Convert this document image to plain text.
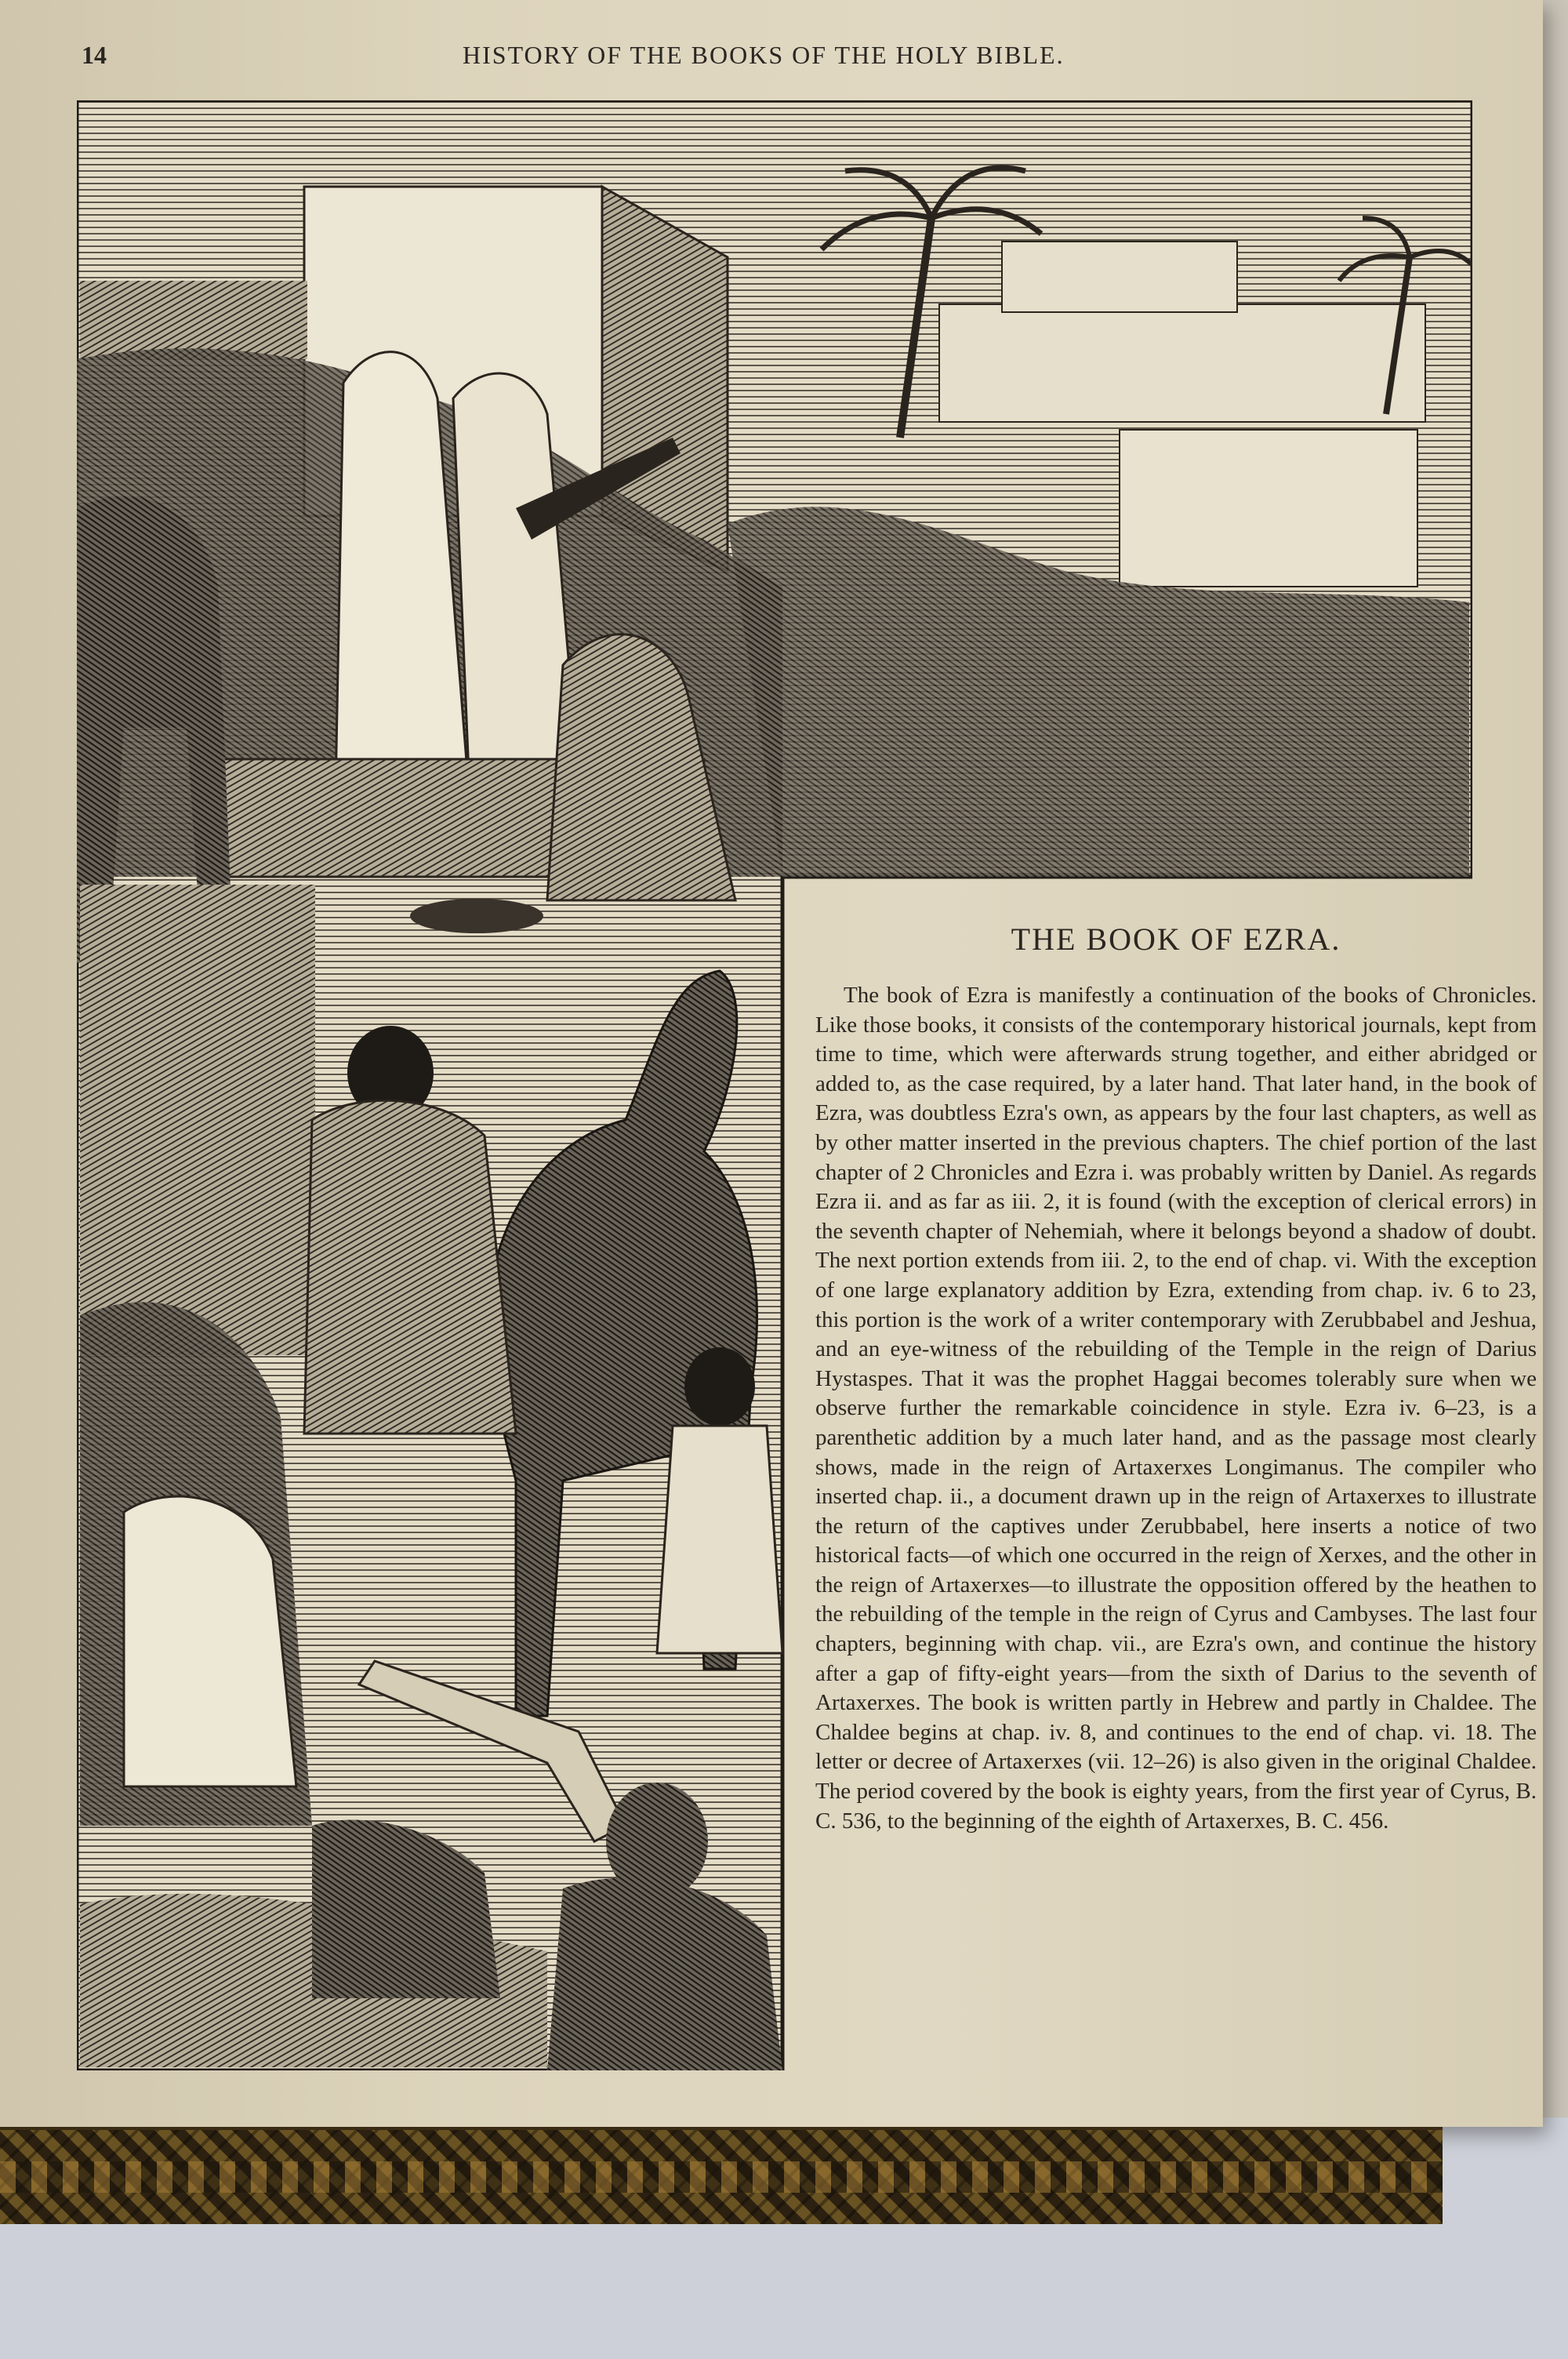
14	HISTORY OF THE BOOKS OF THE HOLY BIBLE.
THE BOOK OF EZRA.

The book of Ezra is manifestly a continuation of the books of Chronicles. Like those books, it consists of the contemporary historical journals, kept from time to time, which were afterwards strung together, and either abridged or added to, as the case required, by a later hand. That later hand, in the book of Ezra, was doubtless Ezra's own, as appears by the four last chapters, as well as by other matter inserted in the previous chapters. The chief portion of the last chapter of 2 Chronicles and Ezra i. was probably written by Daniel. As regards Ezra ii. and as far as iii. 2, it is found (with the exception of clerical errors) in the seventh chapter of Nehemiah, where it belongs beyond a shadow of doubt. The next portion extends from iii. 2, to the end of chap. vi. With the exception of one large explanatory addition by Ezra, extending from chap. iv. 6 to 23, this portion is the work of a writer contemporary with Zerubbabel and Jeshua, and an eye-witness of the rebuilding of the Temple in the reign of Darius Hystaspes. That it was the prophet Haggai becomes tolerably sure when we observe further the remarkable coincidence in style. Ezra iv. 6–23, is a parenthetic addition by a much later hand, and as the passage most clearly shows, made in the reign of Artaxerxes Longimanus. The compiler who inserted chap. ii., a document drawn up in the reign of Artaxerxes to illustrate the return of the captives under Zerubbabel, here inserts a notice of two historical facts—of which one occurred in the reign of Xerxes, and the other in the reign of Artaxerxes—to illustrate the opposition offered by the heathen to the rebuilding of the temple in the reign of Cyrus and Cambyses. The last four chapters, beginning with chap. vii., are Ezra's own, and continue the history after a gap of fifty-eight years—from the sixth of Darius to the seventh of Artaxerxes. The book is written partly in Hebrew and partly in Chaldee. The Chaldee begins at chap. iv. 8, and continues to the end of chap. vi. 18. The letter or decree of Artaxerxes (vii. 12–26) is also given in the original Chaldee. The period covered by the book is eighty years, from the first year of Cyrus, B. C. 536, to the beginning of the eighth of Artaxerxes, B. C. 456.
